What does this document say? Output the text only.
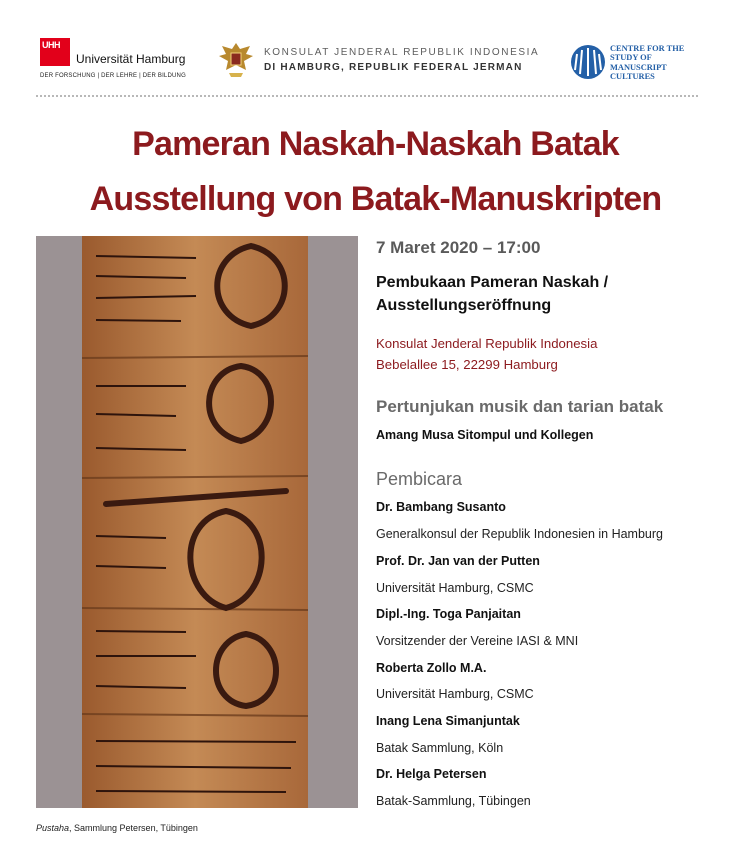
UHH
Universität Hamburg
DER FORSCHUNG | DER LEHRE | DER BILDUNG
KONSULAT JENDERAL REPUBLIK INDONESIA
DI HAMBURG, REPUBLIK FEDERAL JERMAN
CENTRE FOR THE
STUDY OF
MANUSCRIPT
CULTURES
Pameran Naskah-Naskah Batak
Ausstellung von Batak-Manuskripten
Pustaha, Sammlung Petersen, Tübingen
7 Maret 2020 – 17:00
Pembukaan Pameran Naskah /
Ausstellungseröffnung
Konsulat Jenderal Republik Indonesia
Bebelallee 15, 22299 Hamburg
Pertunjukan musik dan tarian batak
Amang Musa Sitompul und Kollegen
Pembicara
Dr. Bambang Susanto
Generalkonsul der Republik Indonesien in Hamburg
Prof. Dr. Jan van der Putten
Universität Hamburg, CSMC
Dipl.-Ing. Toga Panjaitan
Vorsitzender der Vereine IASI & MNI
Roberta Zollo M.A.
Universität Hamburg, CSMC
Inang Lena Simanjuntak
Batak Sammlung, Köln
Dr. Helga Petersen
Batak-Sammlung, Tübingen
